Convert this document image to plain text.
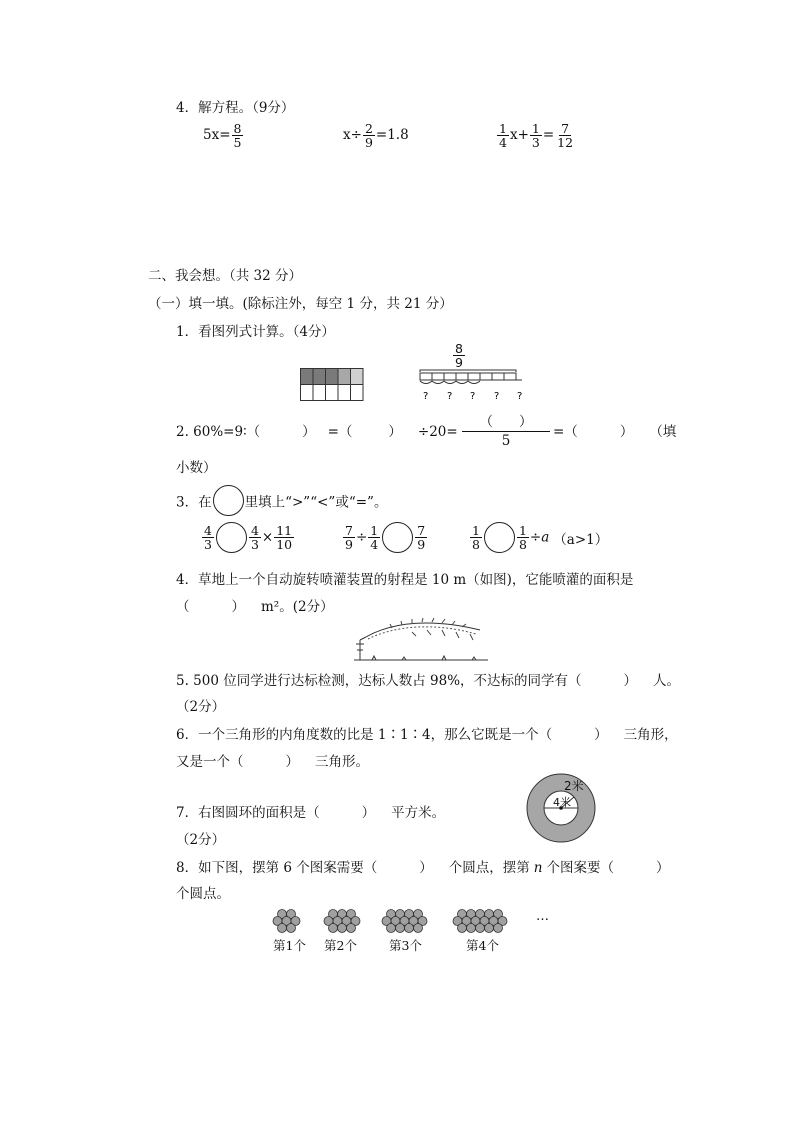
4．解方程。（9分）
$5x= \frac{8}{5}$	$x\div \frac{2}{9} =1.8$	$\frac{1}{4} x+ \frac{1}{3} = \frac{7}{12}$
二、我会想。（共 32 分）
（一）填一填。(除标注外，每空 1 分，共 21 分）
1．看图列式计算。（4分）
$\frac{8}{9}$
? ? ? ? ?
2. 60%=9∶（	） =（	） ÷20=
（ ）
5
=（	） （填
小数）
3．在 里填上“>”“<”或“=”。
$\frac{4}{3}$	$\frac{4}{3} \times \frac{11}{10}$	$\frac{7}{9} \div \frac{1}{4}$	$\frac{7}{9}$	$\frac{1}{8}$	$\frac{1}{8} \div a$ （a>1）
4．草地上一个自动旋转喷灌装置的射程是 10 m（如图)，它能喷灌的面积是
（	） m²。(2分）
5. 500 位同学进行达标检测，达标人数占 98%，不达标的同学有（	） 人。
（2分）
6．一个三角形的内角度数的比是 1∶1∶4，那么它既是一个（	） 三角形，
又是一个（	） 三角形。
7．右图圆环的面积是（	） 平方米。
（2分）
2米
4米
8．如下图，摆第 6 个图案需要（	） 个圆点，摆第 n 个图案要（	）
个圆点。
…
第1个 第2个	第3个	第4个
